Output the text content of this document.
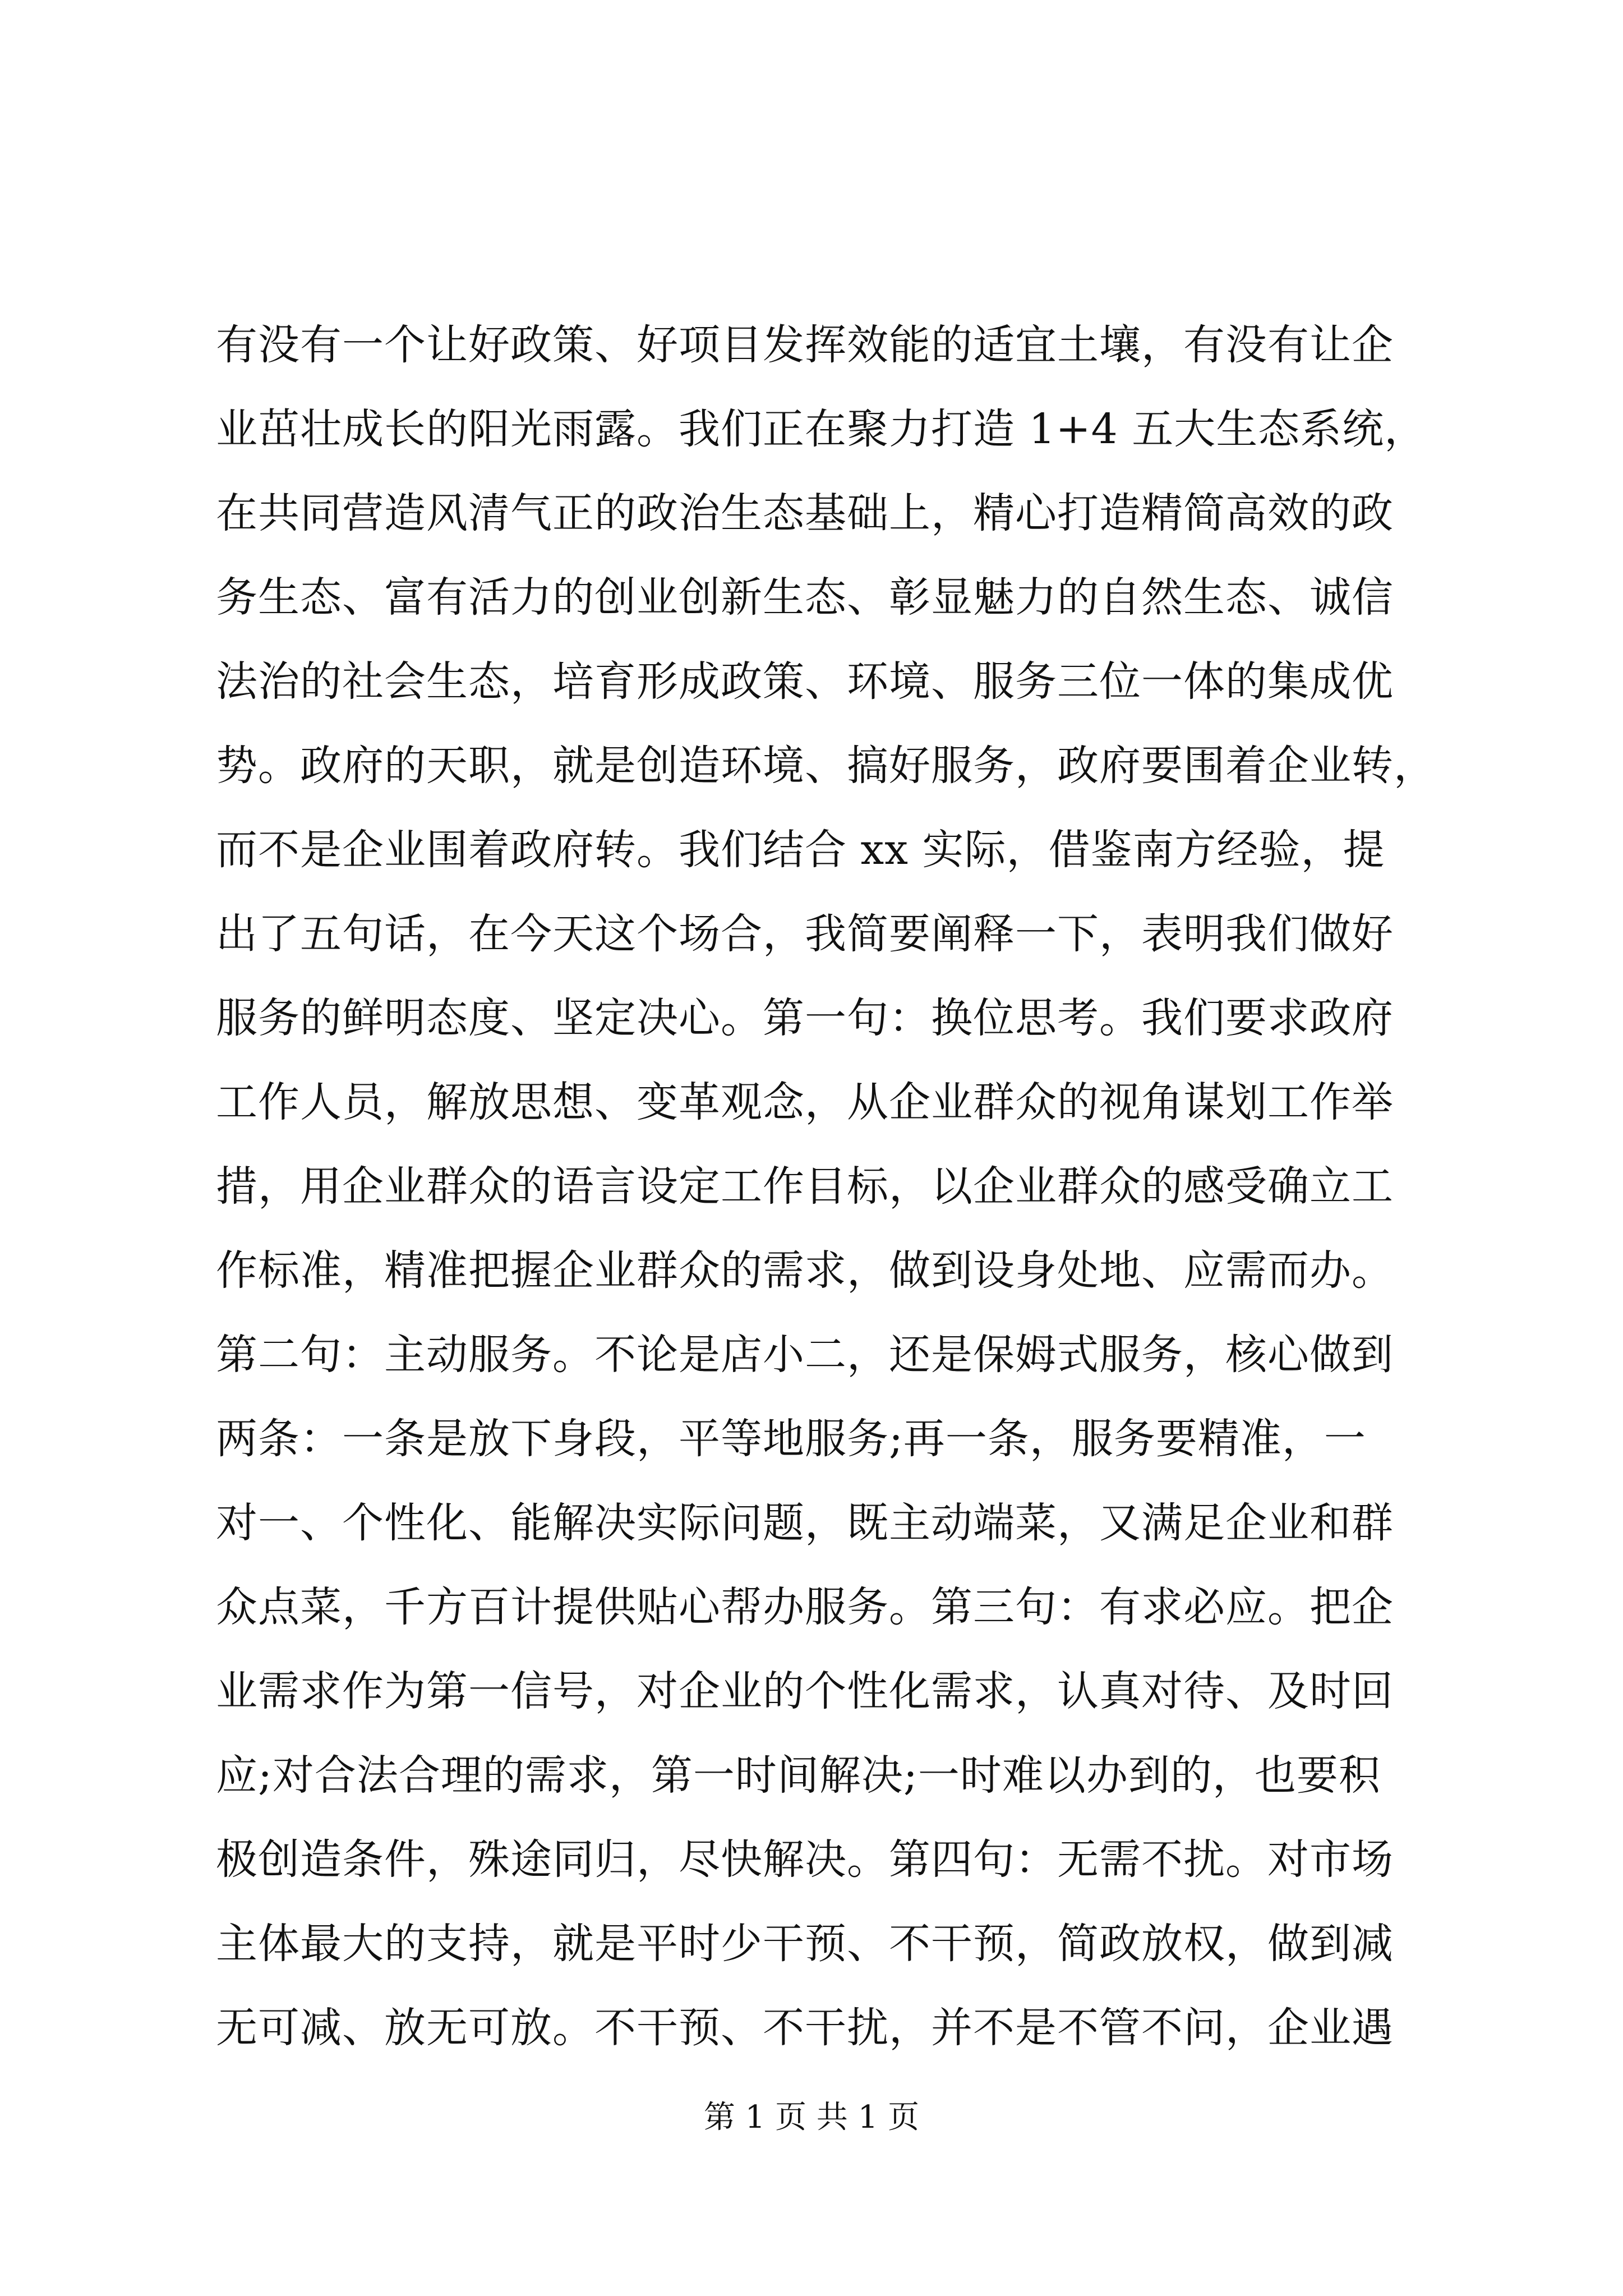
有没有一个让好政策、好项目发挥效能的适宜土壤，有没有让企
业茁壮成长的阳光雨露。我们正在聚力打造 1+4 五大生态系统，
在共同营造风清气正的政治生态基础上，精心打造精简高效的政
务生态、富有活力的创业创新生态、彰显魅力的自然生态、诚信
法治的社会生态，培育形成政策、环境、服务三位一体的集成优
势。政府的天职，就是创造环境、搞好服务，政府要围着企业转，
而不是企业围着政府转。我们结合 xx 实际，借鉴南方经验，提
出了五句话，在今天这个场合，我简要阐释一下，表明我们做好
服务的鲜明态度、坚定决心。第一句：换位思考。我们要求政府
工作人员，解放思想、变革观念，从企业群众的视角谋划工作举
措，用企业群众的语言设定工作目标，以企业群众的感受确立工
作标准，精准把握企业群众的需求，做到设身处地、应需而办。
第二句：主动服务。不论是店小二，还是保姆式服务，核心做到
两条：一条是放下身段，平等地服务;再一条，服务要精准，一
对一、个性化、能解决实际问题，既主动端菜，又满足企业和群
众点菜，千方百计提供贴心帮办服务。第三句：有求必应。把企
业需求作为第一信号，对企业的个性化需求，认真对待、及时回
应;对合法合理的需求，第一时间解决;一时难以办到的，也要积
极创造条件，殊途同归，尽快解决。第四句：无需不扰。对市场
主体最大的支持，就是平时少干预、不干预，简政放权，做到减
无可减、放无可放。不干预、不干扰，并不是不管不问，企业遇
第 1 页 共 1 页
